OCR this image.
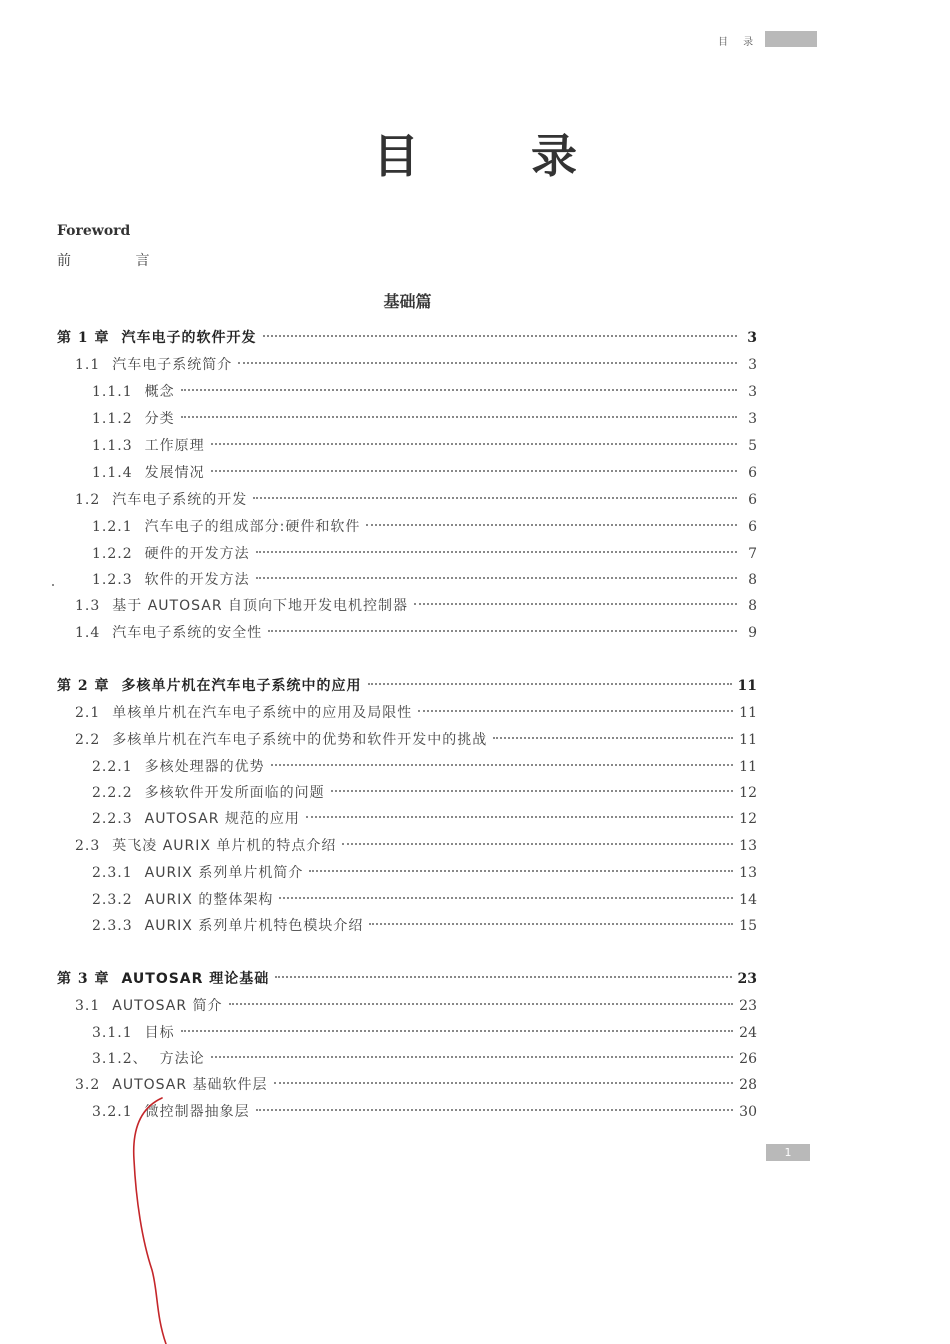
目 录
目 录
Foreword
前 言
基础篇
第 1 章 汽车电子的软件开发	3
1.1 汽车电子系统简介	3
1.1.1 概念	3
1.1.2 分类	3
1.1.3 工作原理	5
1.1.4 发展情况	6
1.2 汽车电子系统的开发	6
1.2.1 汽车电子的组成部分:硬件和软件	6
1.2.2 硬件的开发方法	7
1.2.3 软件的开发方法	8
1.3 基于 AUTOSAR 自顶向下地开发电机控制器	8
1.4 汽车电子系统的安全性	9
第 2 章 多核单片机在汽车电子系统中的应用	11
2.1 单核单片机在汽车电子系统中的应用及局限性	11
2.2 多核单片机在汽车电子系统中的优势和软件开发中的挑战	11
2.2.1 多核处理器的优势	11
2.2.2 多核软件开发所面临的问题	12
2.2.3 AUTOSAR 规范的应用	12
2.3 英飞凌 AURIX 单片机的特点介绍	13
2.3.1 AURIX 系列单片机简介	13
2.3.2 AURIX 的整体架构	14
2.3.3 AURIX 系列单片机特色模块介绍	15
第 3 章 AUTOSAR 理论基础	23
3.1 AUTOSAR 简介	23
3.1.1 目标	24
3.1.2、 方法论	26
3.2 AUTOSAR 基础软件层	28
3.2.1 微控制器抽象层	30
1
